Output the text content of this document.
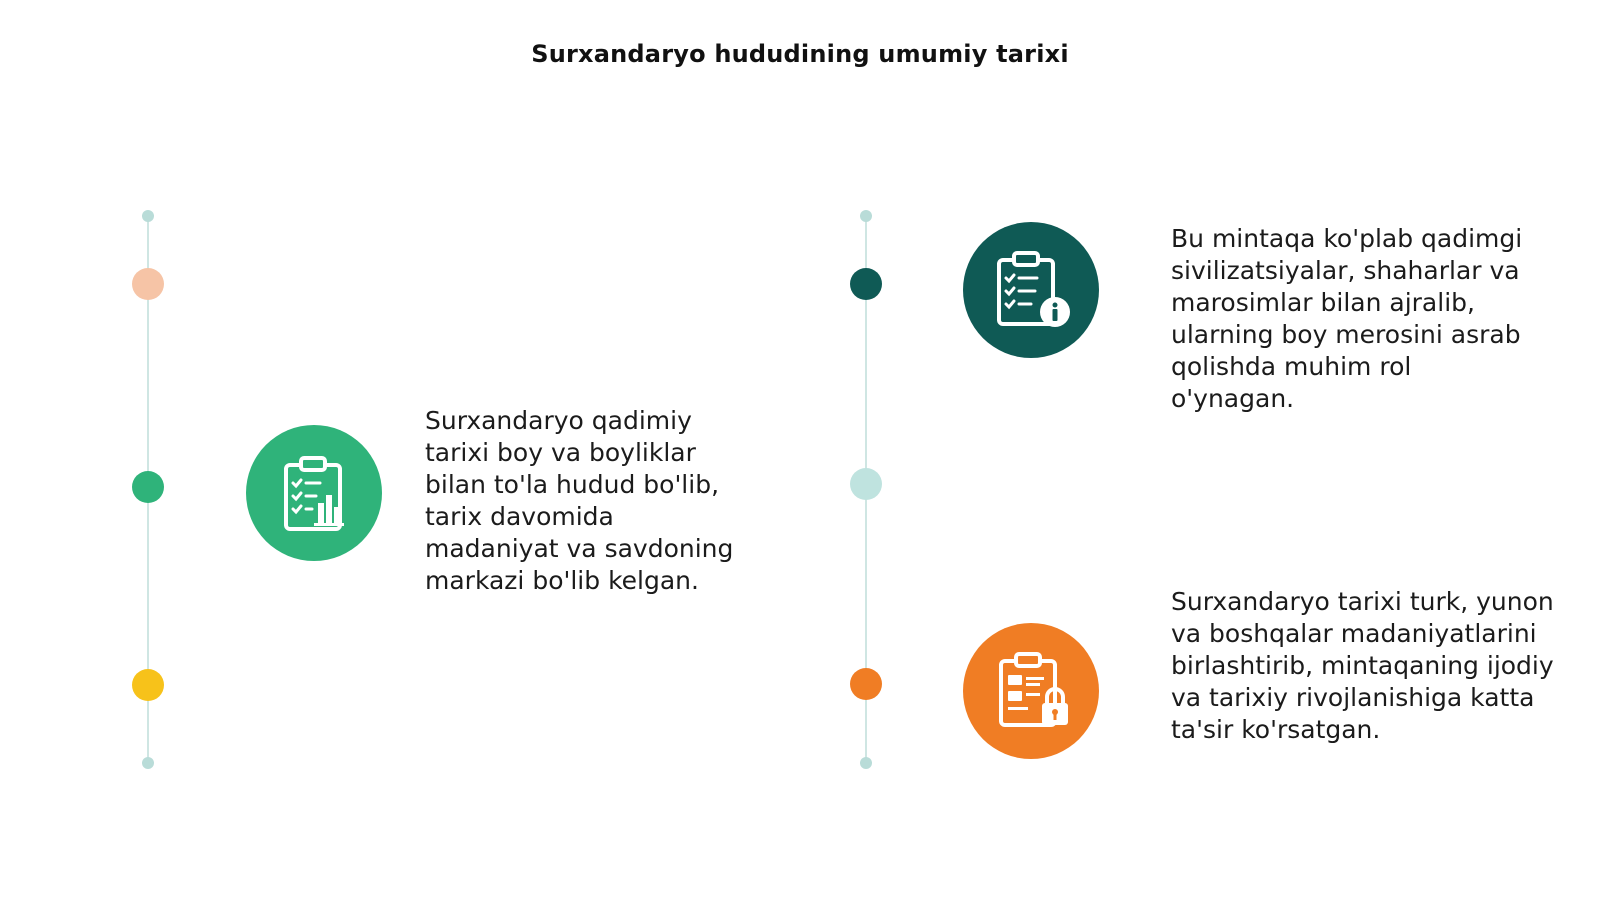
Surxandaryo hududining umumiy tarixi
Surxandaryo qadimiy tarixi boy va boyliklar bilan to'la hudud bo'lib, tarix davomida madaniyat va savdoning markazi bo'lib kelgan.
Bu mintaqa ko'plab qadimgi sivilizatsiyalar, shaharlar va marosimlar bilan ajralib, ularning boy merosini asrab qolishda muhim rol o'ynagan.
Surxandaryo tarixi turk, yunon va boshqalar madaniyatlarini birlashtirib, mintaqaning ijodiy va tarixiy rivojlanishiga katta ta'sir ko'rsatgan.
